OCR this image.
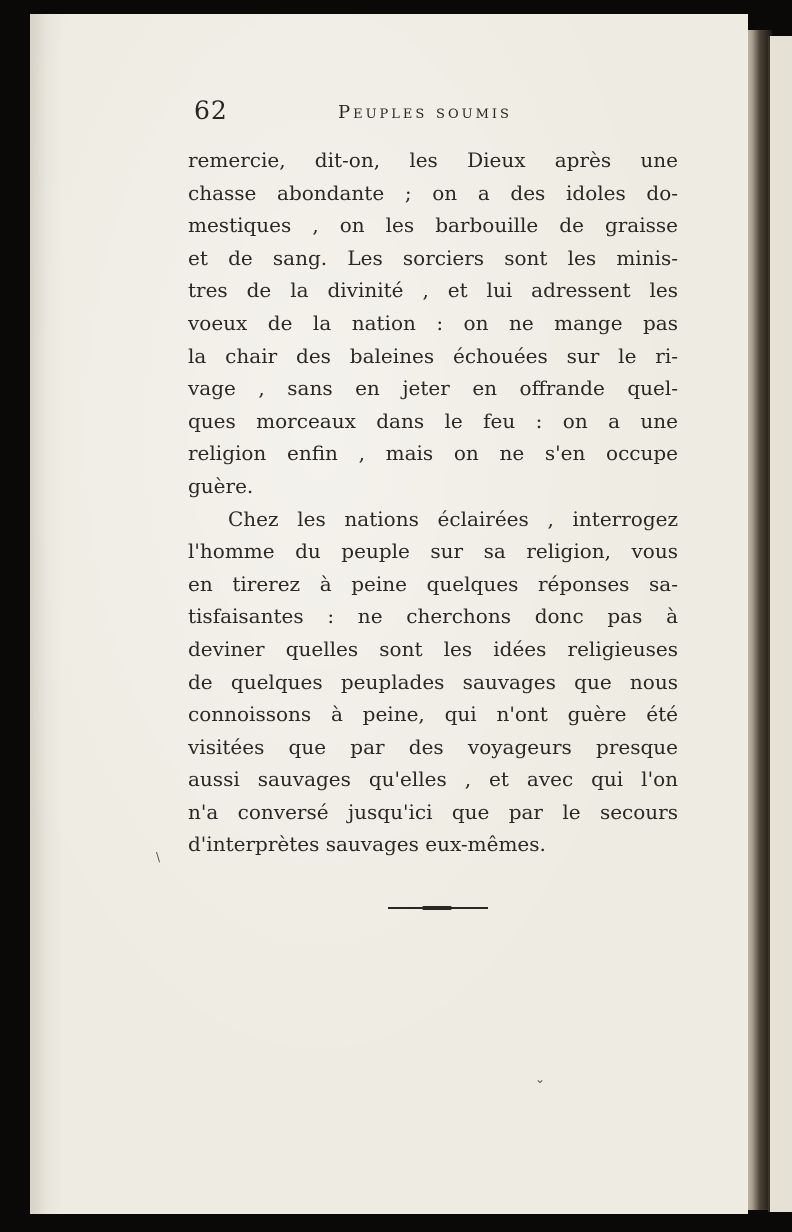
62	Peuples soumis
remercie, dit-on, les Dieux après une
chasse abondante ; on a des idoles do-
mestiques , on les barbouille de graisse
et de sang. Les sorciers sont les minis-
tres de la divinité , et lui adressent les
voeux de la nation : on ne mange pas
la chair des baleines échouées sur le ri-
vage , sans en jeter en offrande quel-
ques morceaux dans le feu : on a une
religion enfin , mais on ne s'en occupe
guère.
Chez les nations éclairées , interrogez
l'homme du peuple sur sa religion, vous
en tirerez à peine quelques réponses sa-
tisfaisantes : ne cherchons donc pas à
deviner quelles sont les idées religieuses
de quelques peuplades sauvages que nous
connoissons à peine, qui n'ont guère été
visitées que par des voyageurs presque
aussi sauvages qu'elles , et avec qui l'on
n'a conversé jusqu'ici que par le secours
d'interprètes sauvages eux-mêmes.
\
⌄
